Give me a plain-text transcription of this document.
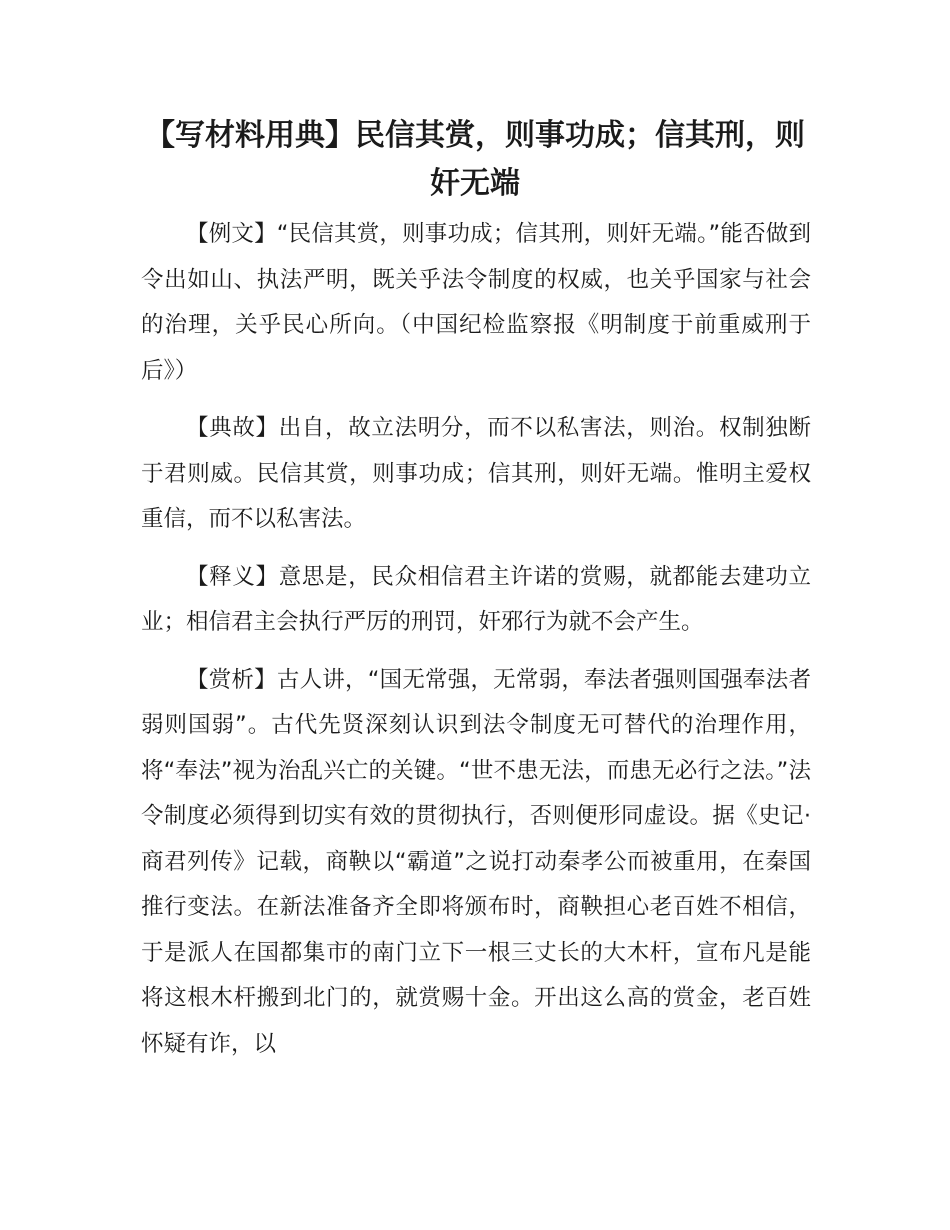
【写材料用典】民信其赏，则事功成；信其刑，则奸无端

【例文】“民信其赏，则事功成；信其刑，则奸无端。”能否做到令出如山、执法严明，既关乎法令制度的权威，也关乎国家与社会的治理，关乎民心所向。（中国纪检监察报《明制度于前重威刑于后》）

【典故】出自，故立法明分，而不以私害法，则治。权制独断于君则威。民信其赏，则事功成；信其刑，则奸无端。惟明主爱权重信，而不以私害法。

【释义】意思是，民众相信君主许诺的赏赐，就都能去建功立业；相信君主会执行严厉的刑罚，奸邪行为就不会产生。

【赏析】古人讲，“国无常强，无常弱，奉法者强则国强奉法者弱则国弱”。古代先贤深刻认识到法令制度无可替代的治理作用，将“奉法”视为治乱兴亡的关键。“世不患无法，而患无必行之法。”法令制度必须得到切实有效的贯彻执行，否则便形同虚设。据《史记·商君列传》记载，商鞅以“霸道”之说打动秦孝公而被重用，在秦国推行变法。在新法准备齐全即将颁布时，商鞅担心老百姓不相信，于是派人在国都集市的南门立下一根三丈长的大木杆，宣布凡是能将这根木杆搬到北门的，就赏赐十金。开出这么高的赏金，老百姓怀疑有诈，以
